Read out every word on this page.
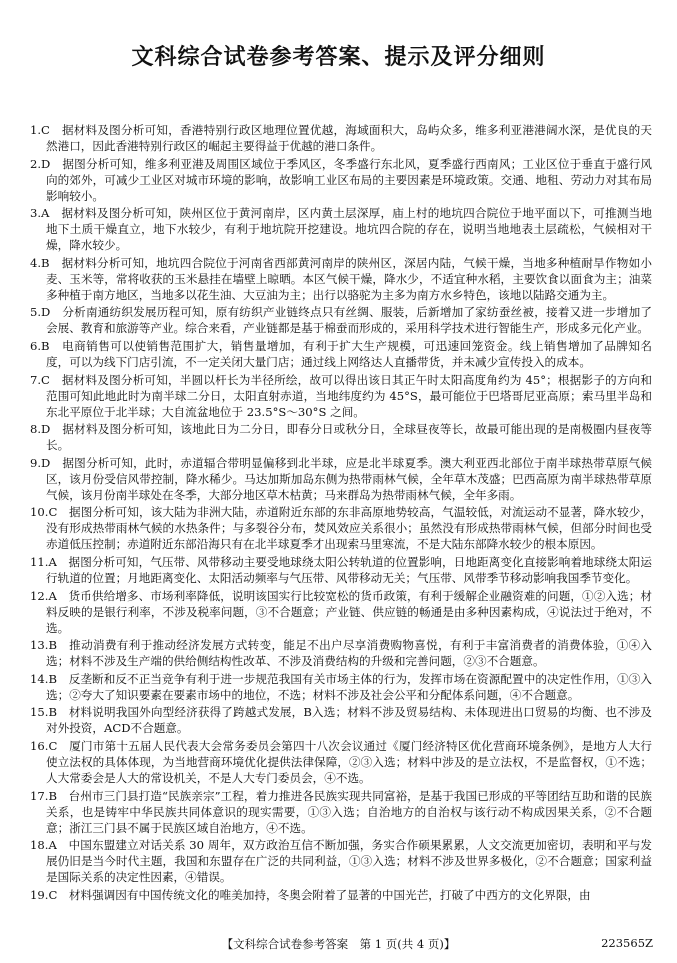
文科综合试卷参考答案、提示及评分细则

1.C　据材料及图分析可知，香港特别行政区地理位置优越，海域面积大，岛屿众多，维多利亚港港阔水深，是优良的天然港口，因此香港特别行政区的崛起主要得益于优越的港口条件。

2.D　据图分析可知，维多利亚港及周围区域位于季风区，冬季盛行东北风，夏季盛行西南风；工业区位于垂直于盛行风向的郊外，可减少工业区对城市环境的影响，故影响工业区布局的主要因素是环境政策。交通、地租、劳动力对其布局影响较小。

3.A　据材料及图分析可知，陕州区位于黄河南岸，区内黄土层深厚，庙上村的地坑四合院位于地平面以下，可推测当地地下土质干燥直立，地下水较少，有利于地坑院开挖建设。地坑四合院的存在，说明当地地表土层疏松，气候相对干燥，降水较少。

4.B　据材料分析可知，地坑四合院位于河南省西部黄河南岸的陕州区，深居内陆，气候干燥，当地多种植耐旱作物如小麦、玉米等，常将收获的玉米悬挂在墙壁上晾晒。本区气候干燥，降水少，不适宜种水稻，主要饮食以面食为主；油菜多种植于南方地区，当地多以花生油、大豆油为主；出行以骆驼为主多为南方水乡特色，该地以陆路交通为主。

5.D　分析南通纺织发展历程可知，原有纺织产业链终点只有丝绸、服装，后新增加了家纺蚕丝被，接着又进一步增加了会展、教育和旅游等产业。综合来看，产业链都是基于棉蚕而形成的，采用科学技术进行智能生产，形成多元化产业。

6.B　电商销售可以使销售范围扩大，销售量增加，有利于扩大生产规模，可迅速回笼资金。线上销售增加了品牌知名度，可以为线下门店引流，不一定关闭大量门店；通过线上网络达人直播带货，并未减少宣传投入的成本。

7.C　据材料及图分析可知，半圆以杆长为半径所绘，故可以得出该日其正午时太阳高度角约为 45°；根据影子的方向和范围可知此地此时为南半球二分日，太阳直射赤道，当地纬度约为 45°S，最可能位于巴塔哥尼亚高原；索马里半岛和东北平原位于北半球；大自流盆地位于 23.5°S～30°S 之间。

8.D　据材料及图分析可知，该地此日为二分日，即春分日或秋分日，全球昼夜等长，故最可能出现的是南极圈内昼夜等长。

9.D　据图分析可知，此时，赤道辐合带明显偏移到北半球，应是北半球夏季。澳大利亚西北部位于南半球热带草原气候区，该月份受信风带控制，降水稀少。马达加斯加岛东侧为热带雨林气候，全年草木茂盛；巴西高原为南半球热带草原气候，该月份南半球处在冬季，大部分地区草木枯黄；马来群岛为热带雨林气候，全年多雨。

10.C　据图分析可知，该大陆为非洲大陆，赤道附近东部的东非高原地势较高，气温较低，对流运动不显著，降水较少，没有形成热带雨林气候的水热条件；与多裂谷分布，焚风效应关系很小；虽然没有形成热带雨林气候，但部分时间也受赤道低压控制；赤道附近东部沿海只有在北半球夏季才出现索马里寒流，不是大陆东部降水较少的根本原因。

11.A　据图分析可知，气压带、风带移动主要受地球绕太阳公转轨道的位置影响，日地距离变化直接影响着地球绕太阳运行轨道的位置；月地距离变化、太阳活动频率与气压带、风带移动无关；气压带、风带季节移动影响我国季节变化。

12.A　货币供给增多、市场利率降低，说明该国实行比较宽松的货币政策，有利于缓解企业融资难的问题，①②入选；材料反映的是银行利率，不涉及税率问题，③不合题意；产业链、供应链的畅通是由多种因素构成，④说法过于绝对，不选。

13.B　推动消费有利于推动经济发展方式转变，能足不出户尽享消费购物喜悦，有利于丰富消费者的消费体验，①④入选；材料不涉及生产端的供给侧结构性改革、不涉及消费结构的升级和完善问题，②③不合题意。

14.B　反垄断和反不正当竞争有利于进一步规范我国有关市场主体的行为，发挥市场在资源配置中的决定性作用，①③入选；②夸大了知识要素在要素市场中的地位，不选；材料不涉及社会公平和分配体系问题，④不合题意。

15.B　材料说明我国外向型经济获得了跨越式发展，B入选；材料不涉及贸易结构、未体现进出口贸易的均衡、也不涉及对外投资，ACD不合题意。

16.C　厦门市第十五届人民代表大会常务委员会第四十八次会议通过《厦门经济特区优化营商环境条例》，是地方人大行使立法权的具体体现，为当地营商环境优化提供法律保障，②③入选；材料中涉及的是立法权，不是监督权，①不选；人大常委会是人大的常设机关，不是人大专门委员会，④不选。

17.B　台州市三门县打造“民族亲宗”工程，着力推进各民族实现共同富裕，是基于我国已形成的平等团结互助和谐的民族关系，也是铸牢中华民族共同体意识的现实需要，①③入选；自治地方的自治权与该行动不构成因果关系，②不合题意；浙江三门县不属于民族区域自治地方，④不选。

18.A　中国东盟建立对话关系 30 周年，双方政治互信不断加强，务实合作硕果累累，人文交流更加密切，表明和平与发展仍旧是当今时代主题，我国和东盟存在广泛的共同利益，①③入选；材料不涉及世界多极化，②不合题意；国家利益是国际关系的决定性因素，④错误。

19.C　材料强调因有中国传统文化的唯美加持，冬奥会附着了显著的中国光芒，打破了中西方的文化界限，由

【文科综合试卷参考答案　第 1 页(共 4 页)】	223565Z
